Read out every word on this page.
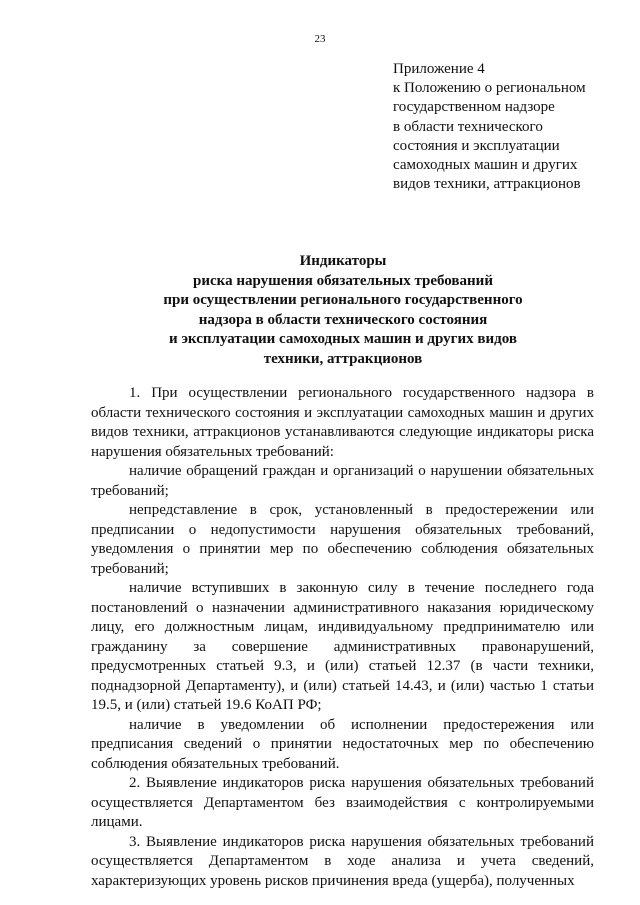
23
Приложение 4
к Положению о региональном
государственном надзоре
в области технического
состояния и эксплуатации
самоходных машин и других
видов техники, аттракционов
Индикаторы
риска нарушения обязательных требований
при осуществлении регионального государственного
надзора в области технического состояния
и эксплуатации самоходных машин и других видов
техники, аттракционов

1. При осуществлении регионального государственного надзора в области технического состояния и эксплуатации самоходных машин и других видов техники, аттракционов устанавливаются следующие индикаторы риска нарушения обязательных требований:

наличие обращений граждан и организаций о нарушении обязательных требований;

непредставление в срок, установленный в предостережении или предписании о недопустимости нарушения обязательных требований, уведомления о принятии мер по обеспечению соблюдения обязательных требований;

наличие вступивших в законную силу в течение последнего года постановлений о назначении административного наказания юридическому лицу, его должностным лицам, индивидуальному предпринимателю или гражданину за совершение административных правонарушений, предусмотренных статьей 9.3, и (или) статьей 12.37 (в части техники, поднадзорной Департаменту), и (или) статьей 14.43, и (или) частью 1 статьи 19.5, и (или) статьей 19.6 КоАП РФ;

наличие в уведомлении об исполнении предостережения или предписания сведений о принятии недостаточных мер по обеспечению соблюдения обязательных требований.

2. Выявление индикаторов риска нарушения обязательных требований осуществляется Департаментом без взаимодействия с контролируемыми лицами.

3. Выявление индикаторов риска нарушения обязательных требований осуществляется Департаментом в ходе анализа и учета сведений, характеризующих уровень рисков причинения вреда (ущерба), полученных
